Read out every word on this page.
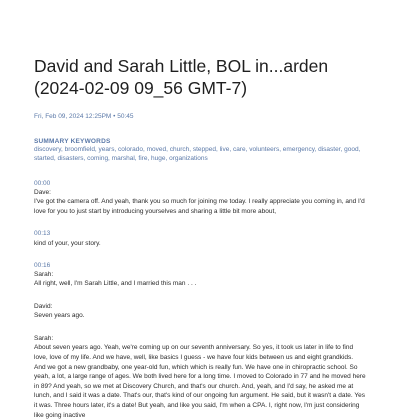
David and Sarah Little, BOL in...arden
(2024-02-09 09_56 GMT-7)
Fri, Feb 09, 2024 12:25PM • 50:45
SUMMARY KEYWORDS
discovery, broomfield, years, colorado, moved, church, stepped, live, care, volunteers, emergency, disaster, good, started, disasters, coming, marshal, fire, huge, organizations
00:00
Dave:

I've got the camera off. And yeah, thank you so much for joining me today. I really appreciate you coming in, and I'd love for you to just start by introducing yourselves and sharing a little bit more about,

00:13

kind of your, your story.

00:16
Sarah:

All right, well, I'm Sarah Little, and I married this man . . .

David:

Seven years ago.

Sarah:

About seven years ago. Yeah, we're coming up on our seventh anniversary. So yes, it took us later in life to find love, love of my life. And we have, well, like basics I guess - we have four kids between us and eight grandkids. And we got a new grandbaby, one year-old fun, which which is really fun. We have one in chiropractic school. So yeah, a lot, a large range of ages. We both lived here for a long time. I moved to Colorado in 77 and he moved here in 89? And yeah, so we met at Discovery Church, and that's our church. And, yeah, and I'd say, he asked me at lunch, and I said it was a date. That's our, that's kind of our ongoing fun argument. He said, but it wasn't a date. Yes it was. Three hours later, it's a date! But yeah, and like you said, I'm when a CPA. I, right now, I'm just considering like going inactive
